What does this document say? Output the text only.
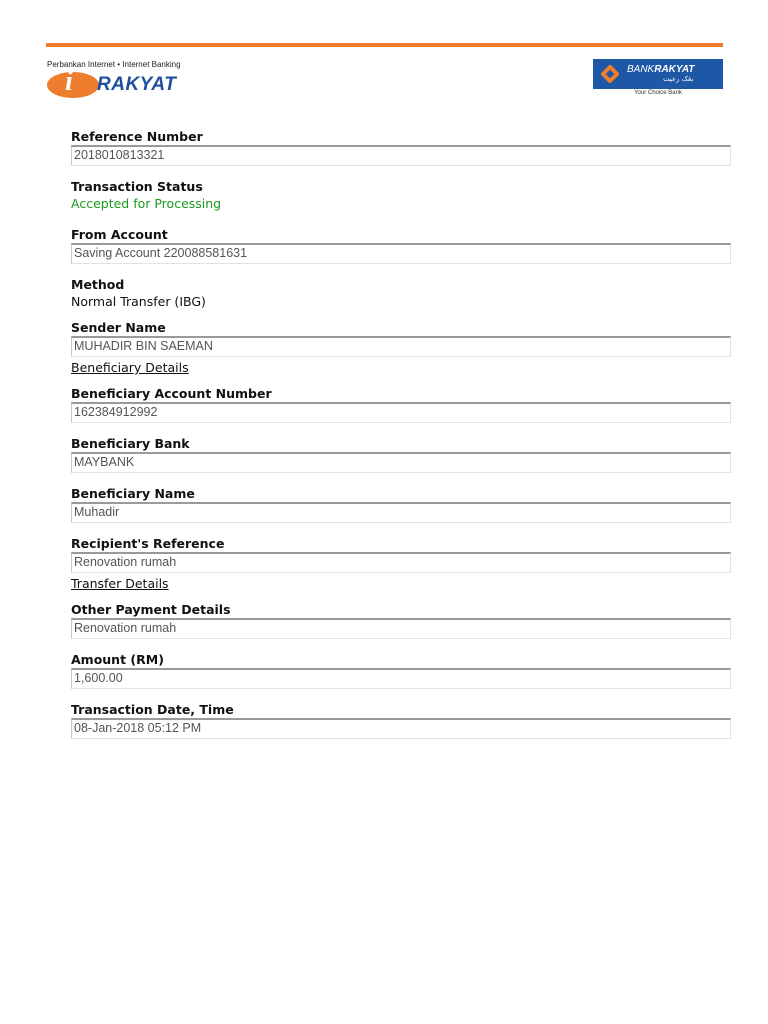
Perbankan Internet • Internet Banking
i RAKYAT
BANKRAKYAT
بڠک رعيت
Your Choice Bank
Reference Number
2018010813321
Transaction Status
Accepted for Processing
From Account
Saving Account 220088581631
Method
Normal Transfer (IBG)
Sender Name
MUHADIR BIN SAEMAN
Beneficiary Details
Beneficiary Account Number
162384912992
Beneficiary Bank
MAYBANK
Beneficiary Name
Muhadir
Recipient's Reference
Renovation rumah
Transfer Details
Other Payment Details
Renovation rumah
Amount (RM)
1,600.00
Transaction Date, Time
08-Jan-2018 05:12 PM
